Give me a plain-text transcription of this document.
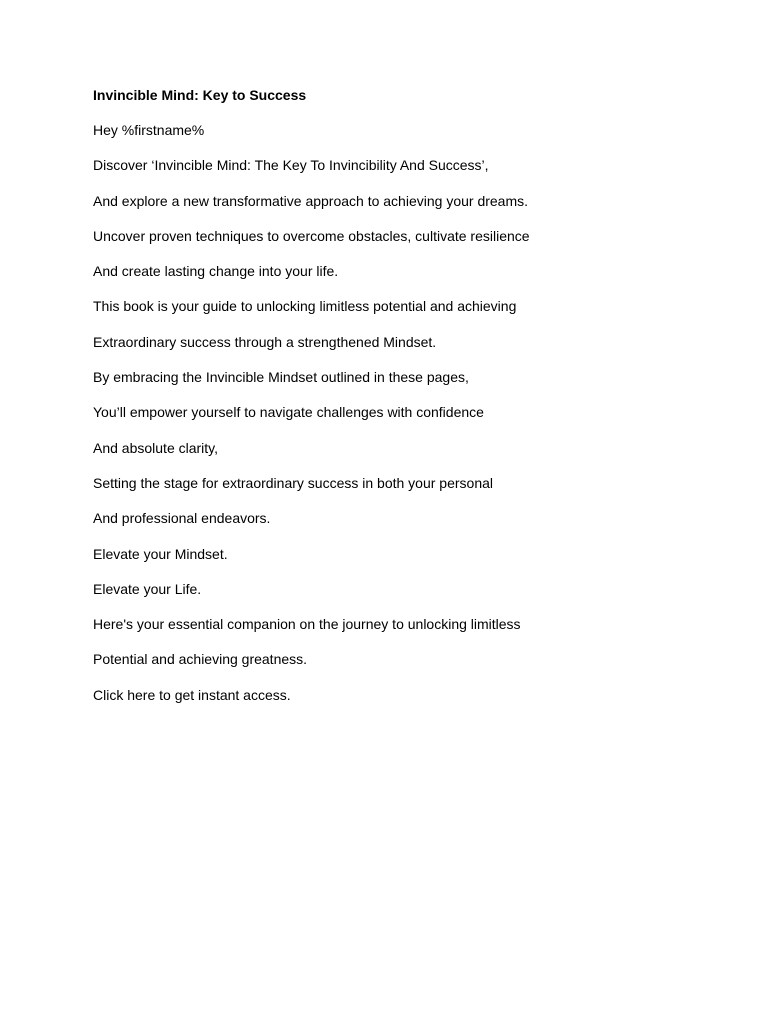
Invincible Mind: Key to Success
Hey %firstname%
Discover ‘Invincible Mind: The Key To Invincibility And Success’,
And explore a new transformative approach to achieving your dreams.
Uncover proven techniques to overcome obstacles, cultivate resilience
And create lasting change into your life.
This book is your guide to unlocking limitless potential and achieving
Extraordinary success through a strengthened Mindset.
By embracing the Invincible Mindset outlined in these pages,
You’ll empower yourself to navigate challenges with confidence
And absolute clarity,
Setting the stage for extraordinary success in both your personal
And professional endeavors.
Elevate your Mindset.
Elevate your Life.
Here's your essential companion on the journey to unlocking limitless
Potential and achieving greatness.
Click here to get instant access.
